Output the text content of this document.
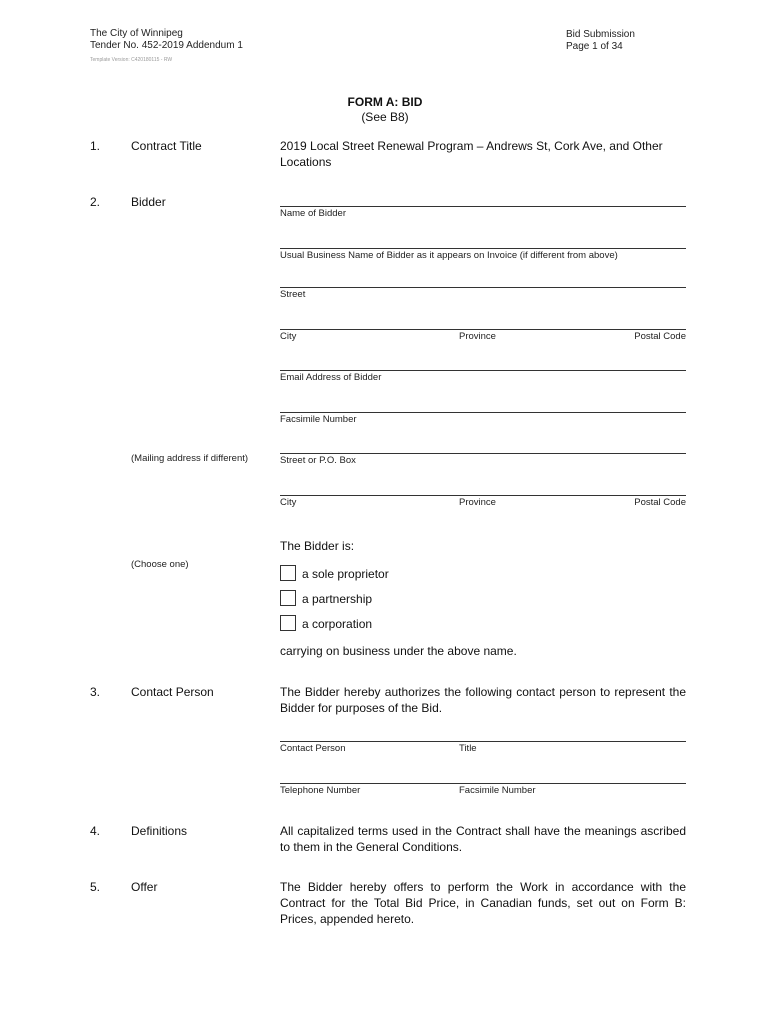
The City of Winnipeg
Tender No. 452-2019 Addendum 1
Template Version: C420180115 - RW
Bid Submission
Page 1 of 34
FORM A: BID
(See B8)
1.	Contract Title	2019 Local Street Renewal Program – Andrews St, Cork Ave, and Other Locations
2.	Bidder
Name of Bidder
Usual Business Name of Bidder as it appears on Invoice (if different from above)
Street
City	Province	Postal Code
Email Address of Bidder
Facsimile Number
(Mailing address if different)	Street or P.O. Box
City	Province	Postal Code
The Bidder is:
(Choose one)
a sole proprietor
a partnership
a corporation
carrying on business under the above name.
3.	Contact Person	The Bidder hereby authorizes the following contact person to represent the Bidder for purposes of the Bid.
Contact Person	Title
Telephone Number	Facsimile Number
4.	Definitions	All capitalized terms used in the Contract shall have the meanings ascribed to them in the General Conditions.
5.	Offer	The Bidder hereby offers to perform the Work in accordance with the Contract for the Total Bid Price, in Canadian funds, set out on Form B: Prices, appended hereto.
